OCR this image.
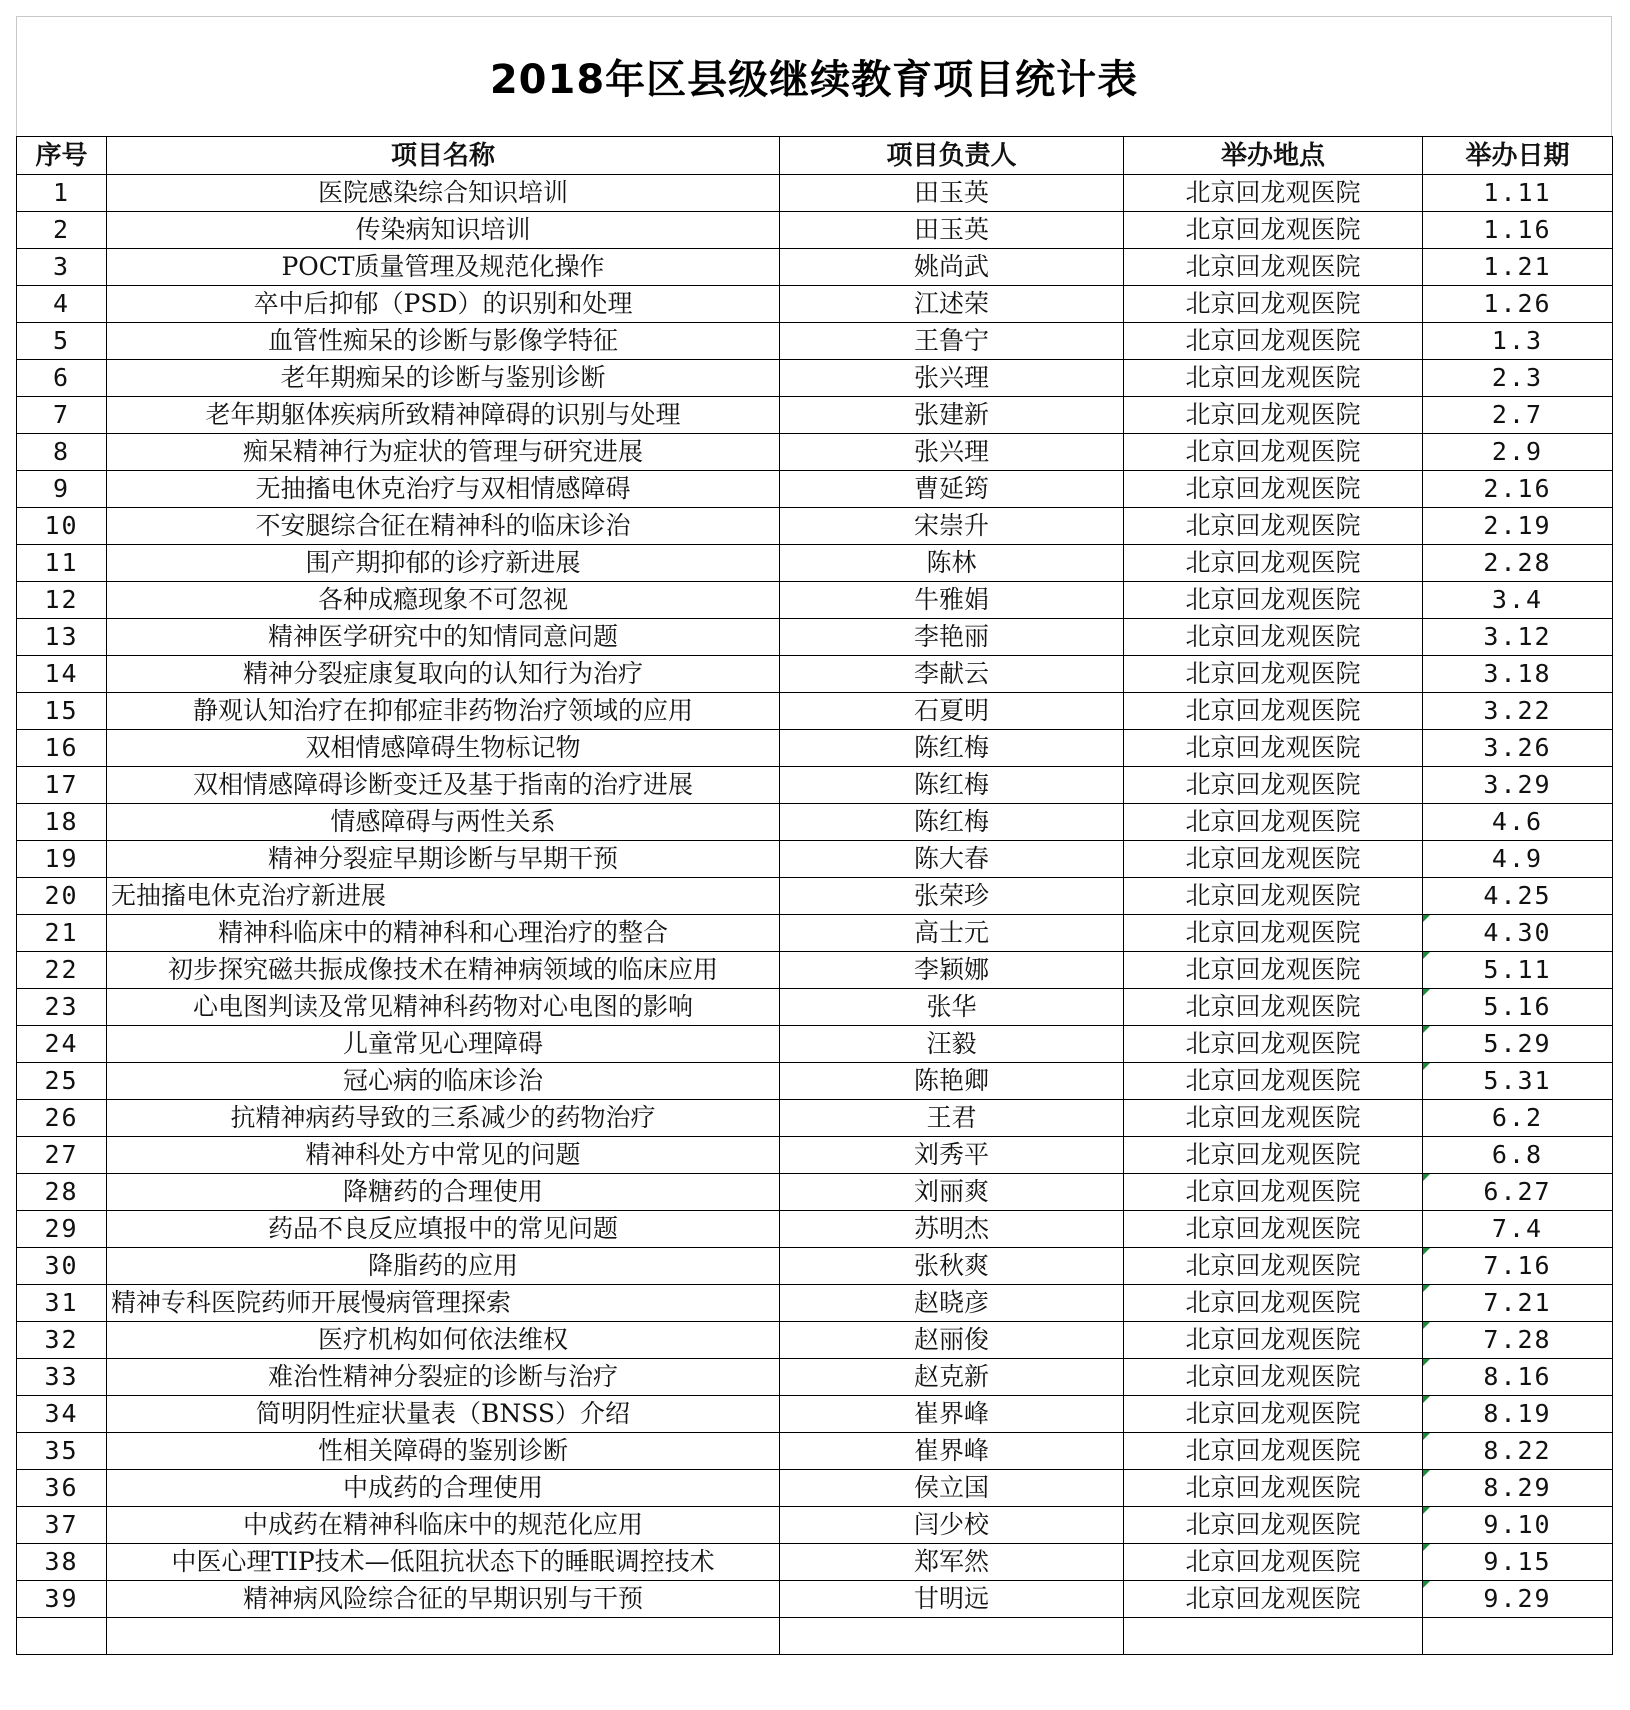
2018年区县级继续教育项目统计表
序号	项目名称	项目负责人	举办地点	举办日期
1	医院感染综合知识培训	田玉英	北京回龙观医院	1.11
2	传染病知识培训	田玉英	北京回龙观医院	1.16
3	POCT质量管理及规范化操作	姚尚武	北京回龙观医院	1.21
4	卒中后抑郁（PSD）的识别和处理	江述荣	北京回龙观医院	1.26
5	血管性痴呆的诊断与影像学特征	王鲁宁	北京回龙观医院	1.3
6	老年期痴呆的诊断与鉴别诊断	张兴理	北京回龙观医院	2.3
7	老年期躯体疾病所致精神障碍的识别与处理	张建新	北京回龙观医院	2.7
8	痴呆精神行为症状的管理与研究进展	张兴理	北京回龙观医院	2.9
9	无抽搐电休克治疗与双相情感障碍	曹延筠	北京回龙观医院	2.16
10	不安腿综合征在精神科的临床诊治	宋崇升	北京回龙观医院	2.19
11	围产期抑郁的诊疗新进展	陈林	北京回龙观医院	2.28
12	各种成瘾现象不可忽视	牛雅娟	北京回龙观医院	3.4
13	精神医学研究中的知情同意问题	李艳丽	北京回龙观医院	3.12
14	精神分裂症康复取向的认知行为治疗	李献云	北京回龙观医院	3.18
15	静观认知治疗在抑郁症非药物治疗领域的应用	石夏明	北京回龙观医院	3.22
16	双相情感障碍生物标记物	陈红梅	北京回龙观医院	3.26
17	双相情感障碍诊断变迁及基于指南的治疗进展	陈红梅	北京回龙观医院	3.29
18	情感障碍与两性关系	陈红梅	北京回龙观医院	4.6
19	精神分裂症早期诊断与早期干预	陈大春	北京回龙观医院	4.9
20	无抽搐电休克治疗新进展	张荣珍	北京回龙观医院	4.25
21	精神科临床中的精神科和心理治疗的整合	高士元	北京回龙观医院	4.30

22	初步探究磁共振成像技术在精神病领域的临床应用	李颖娜	北京回龙观医院	5.11

23	心电图判读及常见精神科药物对心电图的影响	张华	北京回龙观医院	5.16

24	儿童常见心理障碍	汪毅	北京回龙观医院	5.29

25	冠心病的临床诊治	陈艳卿	北京回龙观医院	5.31

26	抗精神病药导致的三系减少的药物治疗	王君	北京回龙观医院	6.2
27	精神科处方中常见的问题	刘秀平	北京回龙观医院	6.8
28	降糖药的合理使用	刘丽爽	北京回龙观医院	6.27

29	药品不良反应填报中的常见问题	苏明杰	北京回龙观医院	7.4
30	降脂药的应用	张秋爽	北京回龙观医院	7.16

31	精神专科医院药师开展慢病管理探索	赵晓彦	北京回龙观医院	7.21

32	医疗机构如何依法维权	赵丽俊	北京回龙观医院	7.28

33	难治性精神分裂症的诊断与治疗	赵克新	北京回龙观医院	8.16

34	简明阴性症状量表（BNSS）介绍	崔界峰	北京回龙观医院	8.19

35	性相关障碍的鉴别诊断	崔界峰	北京回龙观医院	8.22

36	中成药的合理使用	侯立国	北京回龙观医院	8.29

37	中成药在精神科临床中的规范化应用	闫少校	北京回龙观医院	9.10

38	中医心理TIP技术—低阻抗状态下的睡眠调控技术	郑军然	北京回龙观医院	9.15

39	精神病风险综合征的早期识别与干预	甘明远	北京回龙观医院	9.29
